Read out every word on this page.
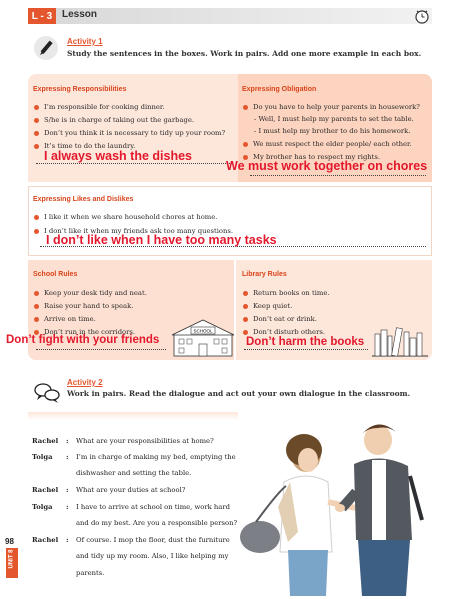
L - 3 Lesson
Activity 1
Study the sentences in the boxes. Work in pairs. Add one more example in each box.
Expressing Responsibilities
I’m responsible for cooking dinner.
S/he is in charge of taking out the garbage.
Don’t you think it is necessary to tidy up your room?
It’s time to do the laundry.
I always wash the dishes
Expressing Obligation
Do you have to help your parents in housework?
- Well, I must help my parents to set the table.
- I must help my brother to do his homework.
We must respect the elder people/ each other.
My brother has to respect my rights.
We must work together on chores
Expressing Likes and Dislikes
I like it when we share household chores at home.
I don’t like it when my friends ask too many questions.
I don’t like when I have too many tasks
School Rules
Keep your desk tidy and neat.
Raise your hand to speak.
Arrive on time.
Don’t run in the corridors.
Don’t fight with your friends
SCHOOL
Library Rules
Return books on time.
Keep quiet.
Don’t eat or drink.
Don’t disturb others.
Don’t harm the books
Activity 2
Work in pairs. Read the dialogue and act out your own dialogue in the classroom.
Rachel : What are your responsibilities at home?
Tolga : I’m in charge of making my bed, emptying the
dishwasher and setting the table.
Rachel : What are your duties at school?
Tolga : I have to arrive at school on time, work hard
and do my best. Are you a responsible person?
Rachel : Of course. I mop the floor, dust the furniture
and tidy up my room. Also, I like helping my
parents.
98
UNIT 8
